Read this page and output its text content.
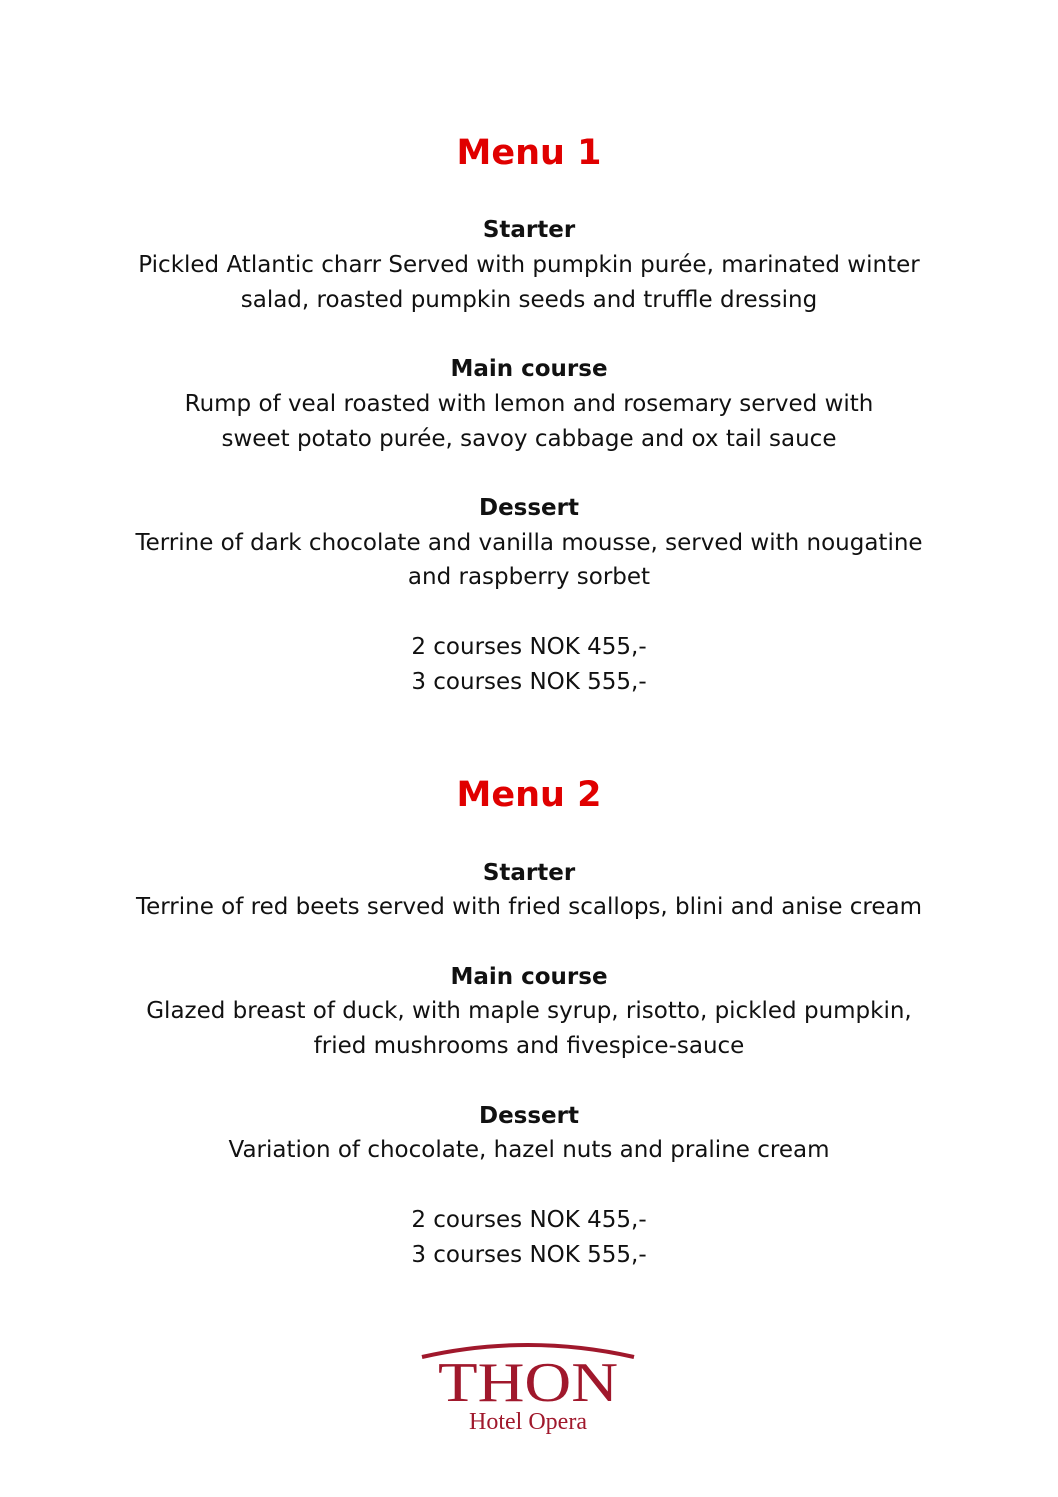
Menu 1
Starter
Pickled Atlantic charr Served with pumpkin purée, marinated winter
salad, roasted pumpkin seeds and truffle dressing
Main course
Rump of veal roasted with lemon and rosemary served with
sweet potato purée, savoy cabbage and ox tail sauce
Dessert
Terrine of dark chocolate and vanilla mousse, served with nougatine
and raspberry sorbet
2 courses NOK 455,-
3 courses NOK 555,-
Menu 2
Starter
Terrine of red beets served with fried scallops, blini and anise cream
Main course
Glazed breast of duck, with maple syrup, risotto, pickled pumpkin,
fried mushrooms and fivespice-sauce
Dessert
Variation of chocolate, hazel nuts and praline cream
2 courses NOK 455,-
3 courses NOK 555,-
THON
Hotel Opera
